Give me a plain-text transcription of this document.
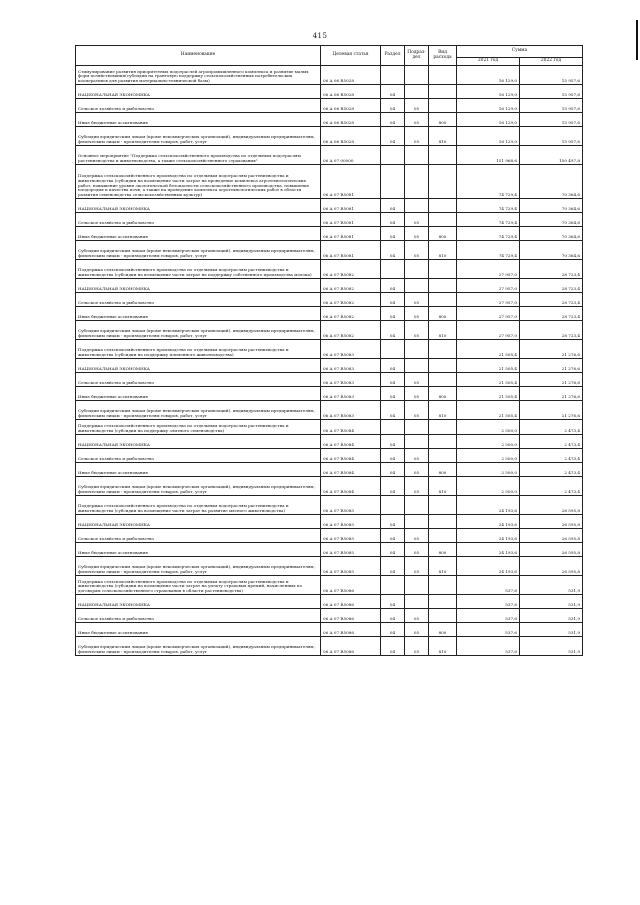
415
Наименование	Целевая статья	Раздел	Подраз-дел	Вид расхода	Сумма	
					2021 год	2022 год
Стимулирование развития приоритетных подотраслей агропромышленного комплекса и развитие малых форм хозяйствования(субсидии на грантовую поддержку сельскохозяйственных потребительских кооперативов для развития материально-технической базы)	06 А 06 R5028				16 129,0	15 957,6
НАЦИОНАЛЬНАЯ ЭКОНОМИКА	06 А 06 R5028	04			16 129,0	15 957,6
Сельское хозяйство и рыболовство	06 А 06 R5028	04	05		16 129,0	15 957,6
Иные бюджетные ассигнования	06 А 06 R5028	04	05	800	16 129,0	15 957,6
Субсидии юридическим лицам (кроме некоммерческих организаций), индивидуальным предпринимателям, физическим лицам - производителям товаров, работ, услуг	06 А 06 R5028	04	05	810	16 129,0	15 957,6
Основное мероприятие "Поддержка сельскохозяйственного производства по отдельным подотраслям растениеводства и животноводства, а также сельскохозяйственного страхования"	06 А 07 00000				151 968,6	150 497,8
Поддержка сельскохозяйственного производства по отдельным подотраслям растениеводства и животноводства (субсидии на возмещение части затрат на проведение комплекса агротехнологических работ, повышение уровня экологической безопасности сельскохозяйственного производства, повышение плодородия и качества почв, а также на проведение комплекса агротехнологических работ в области развития семеноводства сельскохозяйственных культур)	06 А 07 R5081				74 729,4	70 364,6
НАЦИОНАЛЬНАЯ ЭКОНОМИКА	06 А 07 R5081	04			74 729,4	70 364,6
Сельское хозяйство и рыболовство	06 А 07 R5081	04	05		74 729,4	70 364,6
Иные бюджетные ассигнования	06 А 07 R5081	04	05	800	74 729,4	70 364,6
Субсидии юридическим лицам (кроме некоммерческих организаций), индивидуальным предпринимателям, физическим лицам - производителям товаров, работ, услуг	06 А 07 R5081	04	05	810	74 729,4	70 364,6
Поддержка сельскохозяйственного производства по отдельным подотраслям растениеводства и животноводства (субсидии на возмещение части затрат на поддержку собственного производства молока)	06 А 07 R5082				27 957,0	28 723,4
НАЦИОНАЛЬНАЯ ЭКОНОМИКА	06 А 07 R5082	04			27 957,0	28 723,4
Сельское хозяйство и рыболовство	06 А 07 R5082	04	05		27 957,0	28 723,4
Иные бюджетные ассигнования	06 А 07 R5082	04	05	800	27 957,0	28 723,4
Субсидии юридическим лицам (кроме некоммерческих организаций), индивидуальным предпринимателям, физическим лицам - производителям товаров, работ, услуг	06 А 07 R5082	04	05	810	27 957,0	28 723,4
Поддержка сельскохозяйственного производства по отдельным подотраслям растениеводства и животноводства (субсидии на поддержку племенного животноводства)	06 А 07 R5083				21 505,4	21 276,6
НАЦИОНАЛЬНАЯ ЭКОНОМИКА	06 А 07 R5083	04			21 505,4	21 276,6
Сельское хозяйство и рыболовство	06 А 07 R5083	04	05		21 505,4	21 276,6
Иные бюджетные ассигнования	06 А 07 R5083	04	05	800	21 505,4	21 276,6
Субсидии юридическим лицам (кроме некоммерческих организаций), индивидуальным предпринимателям, физическим лицам - производителям товаров, работ, услуг	06 А 07 R5083	04	05	810	21 505,4	21 276,6
Поддержка сельскохозяйственного производства по отдельным подотраслям растениеводства и животноводства (субсидии на поддержку элитного семеноводства)	06 А 07 R5084				2 500,0	2 473,4
НАЦИОНАЛЬНАЯ ЭКОНОМИКА	06 А 07 R5084	04			2 500,0	2 473,4
Сельское хозяйство и рыболовство	06 А 07 R5084	04	05		2 500,0	2 473,4
Иные бюджетные ассигнования	06 А 07 R5084	04	05	800	2 500,0	2 473,4
Субсидии юридическим лицам (кроме некоммерческих организаций), индивидуальным предпринимателям, физическим лицам - производителям товаров, работ, услуг	06 А 07 R5084	04	05	810	2 500,0	2 473,4
Поддержка сельскохозяйственного производства по отдельным подотраслям растениеводства и животноводства (субсидии на возмещение части затрат на развитие мясного животноводства)	06 А 07 R5085				24 193,6	26 595,8
НАЦИОНАЛЬНАЯ ЭКОНОМИКА	06 А 07 R5085	04			24 193,6	26 595,8
Сельское хозяйство и рыболовство	06 А 07 R5085	04	05		24 193,6	26 595,8
Иные бюджетные ассигнования	06 А 07 R5085	04	05	800	24 193,6	26 595,8
Субсидии юридическим лицам (кроме некоммерческих организаций), индивидуальным предпринимателям, физическим лицам - производителям товаров, работ, услуг	06 А 07 R5085	04	05	810	24 193,6	26 595,8
Поддержка сельскохозяйственного производства по отдельным подотраслям растениеводства и животноводства (субсидии на возмещение части затрат на уплату страховых премий, начисленных по договорам сельскохозяйственного страхования в области растениеводства)	06 А 07 R5086				537,6	531,9
НАЦИОНАЛЬНАЯ ЭКОНОМИКА	06 А 07 R5086	04			537,6	531,9
Сельское хозяйство и рыболовство	06 А 07 R5086	04	05		537,6	531,9
Иные бюджетные ассигнования	06 А 07 R5086	04	05	800	537,6	531,9
Субсидии юридическим лицам (кроме некоммерческих организаций), индивидуальным предпринимателям, физическим лицам - производителям товаров, работ, услуг	06 А 07 R5086	04	05	810	537,6	531,9
